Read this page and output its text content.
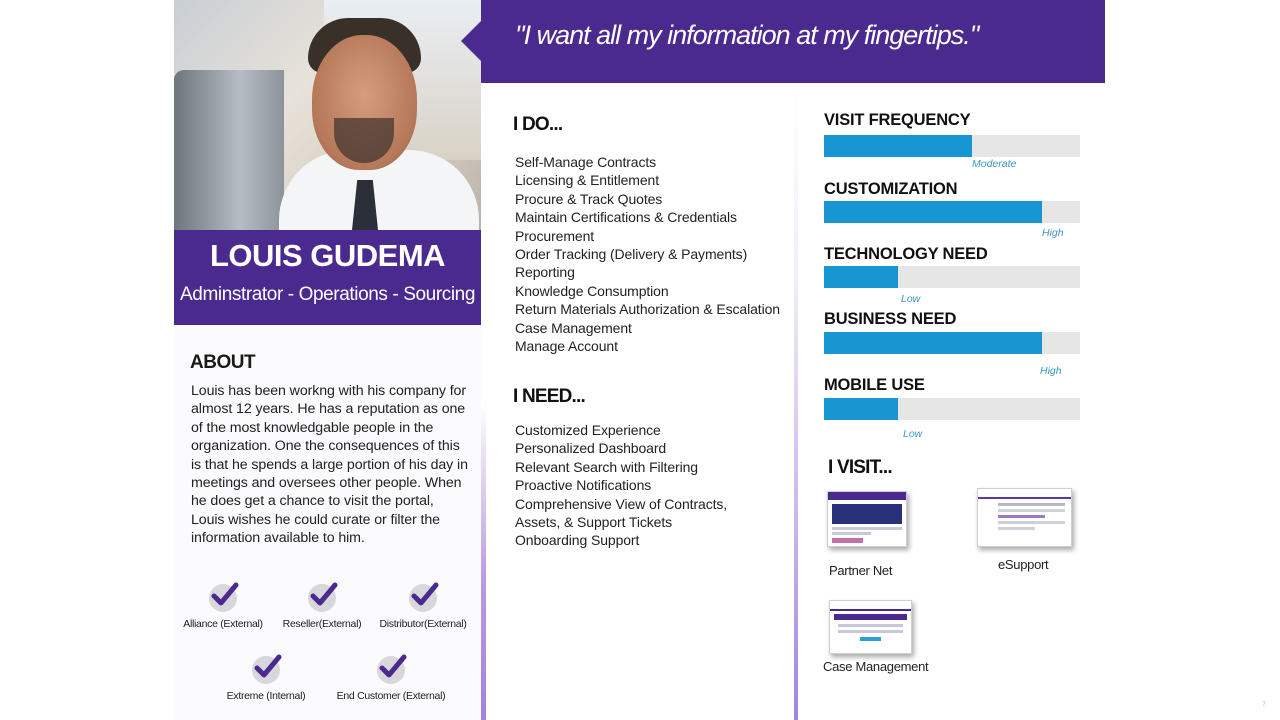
LOUIS GUDEMA
Adminstrator - Operations - Sourcing
ABOUT
Louis has been workng with his company for almost 12 years. He has a reputation as one of the most knowledgable people in the organization. One the consequences of this is that he spends a large portion of his day in meetings and oversees other people. When he does get a chance to visit the portal, Louis wishes he could curate or filter the information available to him.
Alliance (External)	Reseller(External)	Distributor(External)
Extreme (Internal)	End Customer (External)
"I want all my information at my fingertips."
I DO...
Self-Manage Contracts
Licensing & Entitlement
Procure & Track Quotes
Maintain Certifications & Credentials
Procurement
Order Tracking (Delivery & Payments)
Reporting
Knowledge Consumption
Return Materials Authorization & Escalation
Case Management
Manage Account
I NEED...
Customized Experience
Personalized Dashboard
Relevant Search with Filtering
Proactive Notifications
Comprehensive View of Contracts,
Assets, & Support Tickets
Onboarding Support
VISIT FREQUENCY
Moderate
CUSTOMIZATION
High
TECHNOLOGY NEED
Low
BUSINESS NEED
High
MOBILE USE
Low
I VISIT...
Partner Net	eSupport
Case Management
7
